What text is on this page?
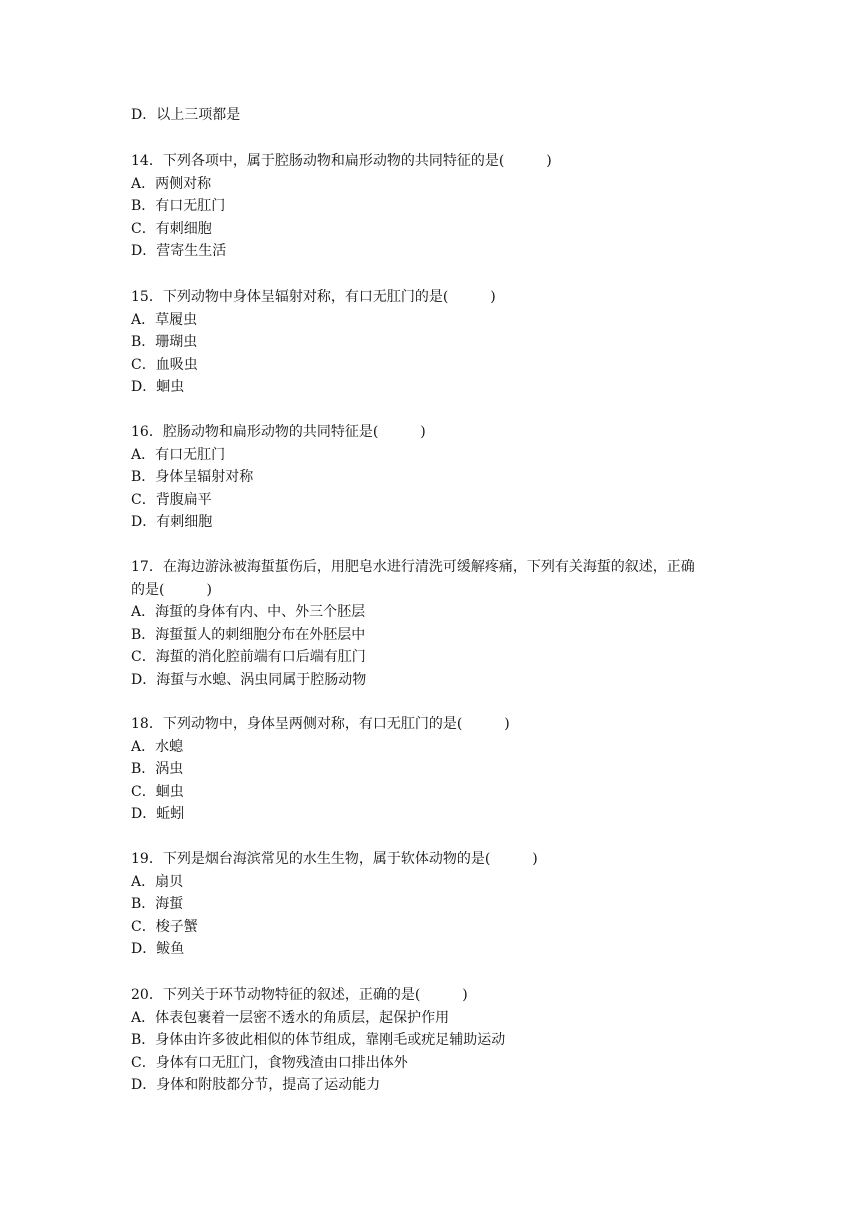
D．以上三项都是
14．下列各项中，属于腔肠动物和扁形动物的共同特征的是(　　　)
A．两侧对称
B．有口无肛门
C．有刺细胞
D．营寄生生活
15．下列动物中身体呈辐射对称，有口无肛门的是(　　　)
A．草履虫
B．珊瑚虫
C．血吸虫
D．蛔虫
16．腔肠动物和扁形动物的共同特征是(　　　)
A．有口无肛门
B．身体呈辐射对称
C．背腹扁平
D．有刺细胞
17．在海边游泳被海蜇蜇伤后，用肥皂水进行清洗可缓解疼痛，下列有关海蜇的叙述，正确
的是(　　　)
A．海蜇的身体有内、中、外三个胚层
B．海蜇蜇人的刺细胞分布在外胚层中
C．海蜇的消化腔前端有口后端有肛门
D．海蜇与水螅、涡虫同属于腔肠动物
18．下列动物中，身体呈两侧对称，有口无肛门的是(　　　)
A．水螅
B．涡虫
C．蛔虫
D．蚯蚓
19．下列是烟台海滨常见的水生生物，属于软体动物的是(　　　)
A．扇贝
B．海蜇
C．梭子蟹
D．鲅鱼
20．下列关于环节动物特征的叙述，正确的是(　　　)
A．体表包裹着一层密不透水的角质层，起保护作用
B．身体由许多彼此相似的体节组成，靠刚毛或疣足辅助运动
C．身体有口无肛门，食物残渣由口排出体外
D．身体和附肢都分节，提高了运动能力
